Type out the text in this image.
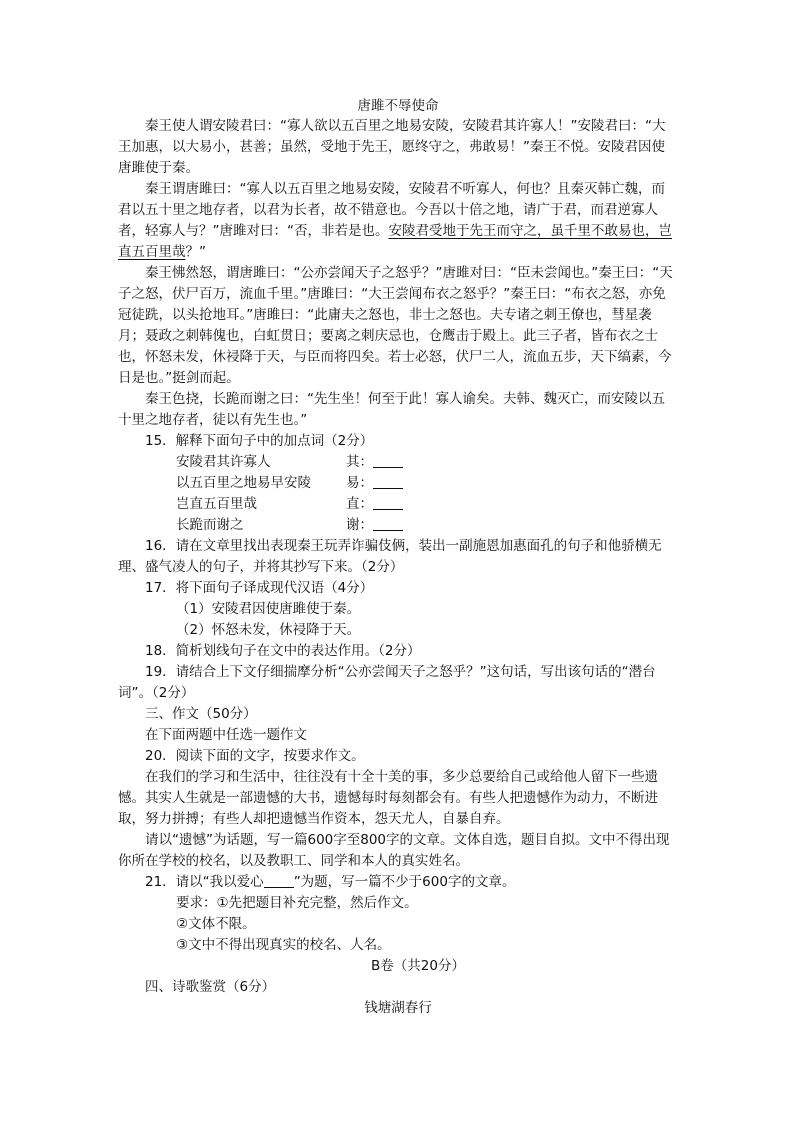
唐雎不辱使命

秦王使人谓安陵君曰：“寡人欲以五百里之地易安陵，安陵君其许寡人！”安陵君曰：“大王加惠，以大易小，甚善；虽然，受地于先王，愿终守之，弗敢易！”秦王不悦。安陵君因使唐雎使于秦。

秦王谓唐雎曰：“寡人以五百里之地易安陵，安陵君不听寡人，何也？且秦灭韩亡魏，而君以五十里之地存者，以君为长者，故不错意也。今吾以十倍之地，请广于君，而君逆寡人者，轻寡人与？”唐雎对曰：“否，非若是也。安陵君受地于先王而守之，虽千里不敢易也，岂直五百里哉？”

秦王怫然怒，谓唐雎曰：“公亦尝闻天子之怒乎？”唐雎对曰：“臣未尝闻也。”秦王曰：“天子之怒，伏尸百万，流血千里。”唐雎曰：“大王尝闻布衣之怒乎？”秦王曰：“布衣之怒，亦免冠徒跣，以头抢地耳。”唐雎曰：“此庸夫之怒也，非士之怒也。夫专诸之刺王僚也，彗星袭月；聂政之刺韩傀也，白虹贯日；要离之刺庆忌也，仓鹰击于殿上。此三子者，皆布衣之士也，怀怒未发，休祲降于天，与臣而将四矣。若士必怒，伏尸二人，流血五步，天下缟素，今日是也。”挺剑而起。

秦王色挠，长跪而谢之曰：“先生坐！何至于此！寡人谕矣。夫韩、魏灭亡，而安陵以五十里之地存者，徒以有先生也。”

15．解释下面句子中的加点词（2分）

安陵君其许寡人	其：
以五百里之地易早安陵	易：
岂直五百里哉	直：
长跪而谢之	谢：

16．请在文章里找出表现秦王玩弄诈骗伎俩，装出一副施恩加惠面孔的句子和他骄横无理、盛气凌人的句子，并将其抄写下来。（2分）

17．将下面句子译成现代汉语（4分）

（1）安陵君因使唐雎使于秦。

（2）怀怒未发，休祲降于天。

18．简析划线句子在文中的表达作用。（2分）

19．请结合上下文仔细揣摩分析“公亦尝闻天子之怒乎？”这句话，写出该句话的“潜台词”。（2分）

三、作文（50分）

在下面两题中任选一题作文

20．阅读下面的文字，按要求作文。

在我们的学习和生活中，往往没有十全十美的事，多少总要给自己或给他人留下一些遗憾。其实人生就是一部遗憾的大书，遗憾每时每刻都会有。有些人把遗憾作为动力，不断进取，努力拼搏；有些人却把遗憾当作资本，怨天尤人，自暴自弃。

请以“遗憾”为话题，写一篇600字至800字的文章。文体自选，题目自拟。文中不得出现你所在学校的校名，以及教职工、同学和本人的真实姓名。

21．请以“我以爱心 ”为题，写一篇不少于600字的文章。

要求：①先把题目补充完整，然后作文。

②文体不限。

③文中不得出现真实的校名、人名。

B卷（共20分）

四、诗歌鉴赏（6分）

钱塘湖春行
